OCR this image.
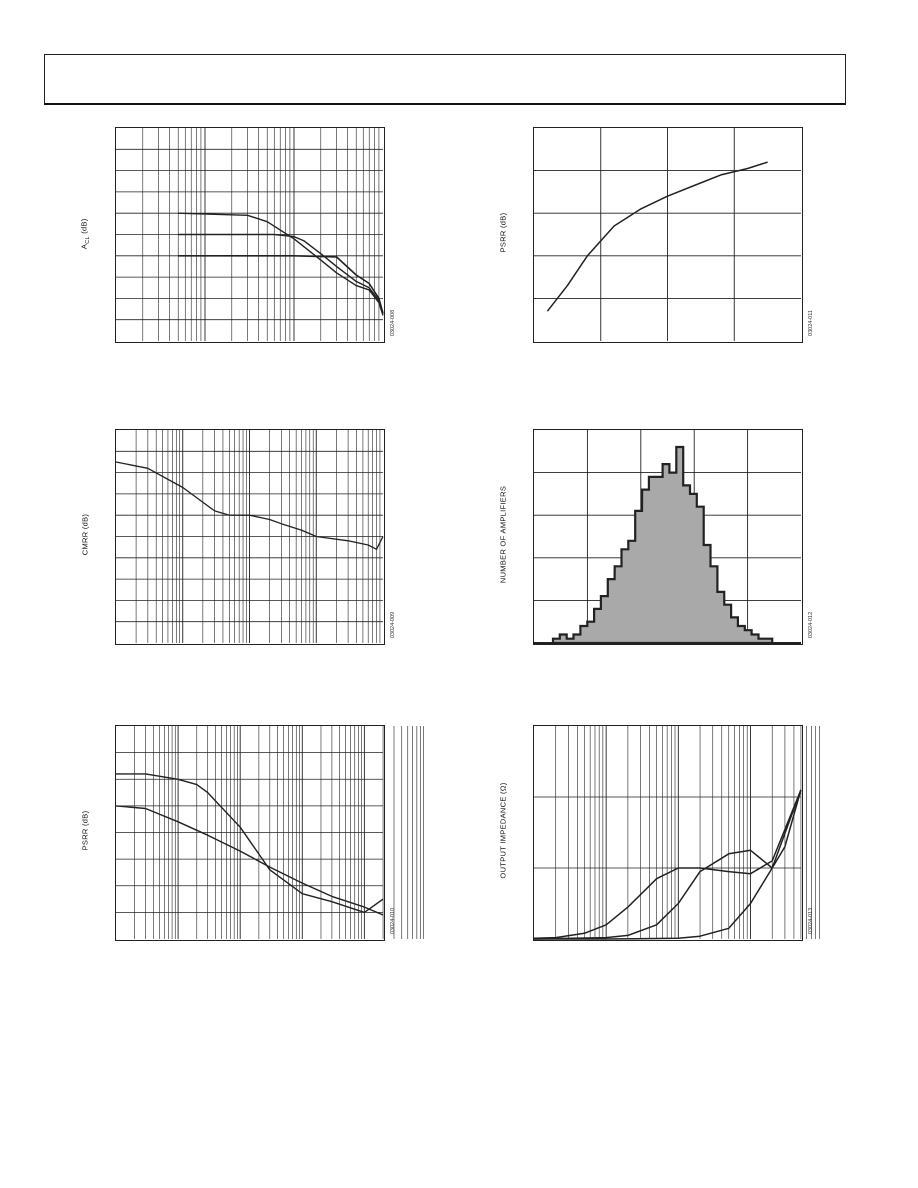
$A_{CL}$ (dB)
03024-008
PSRR (dB)
03024-011
CMRR (dB)
03024-009
NUMBER OF AMPLIFIERS
03024-012
PSRR (dB)
03024-010
OUTPUT IMPEDANCE (Ω)
03024-013
